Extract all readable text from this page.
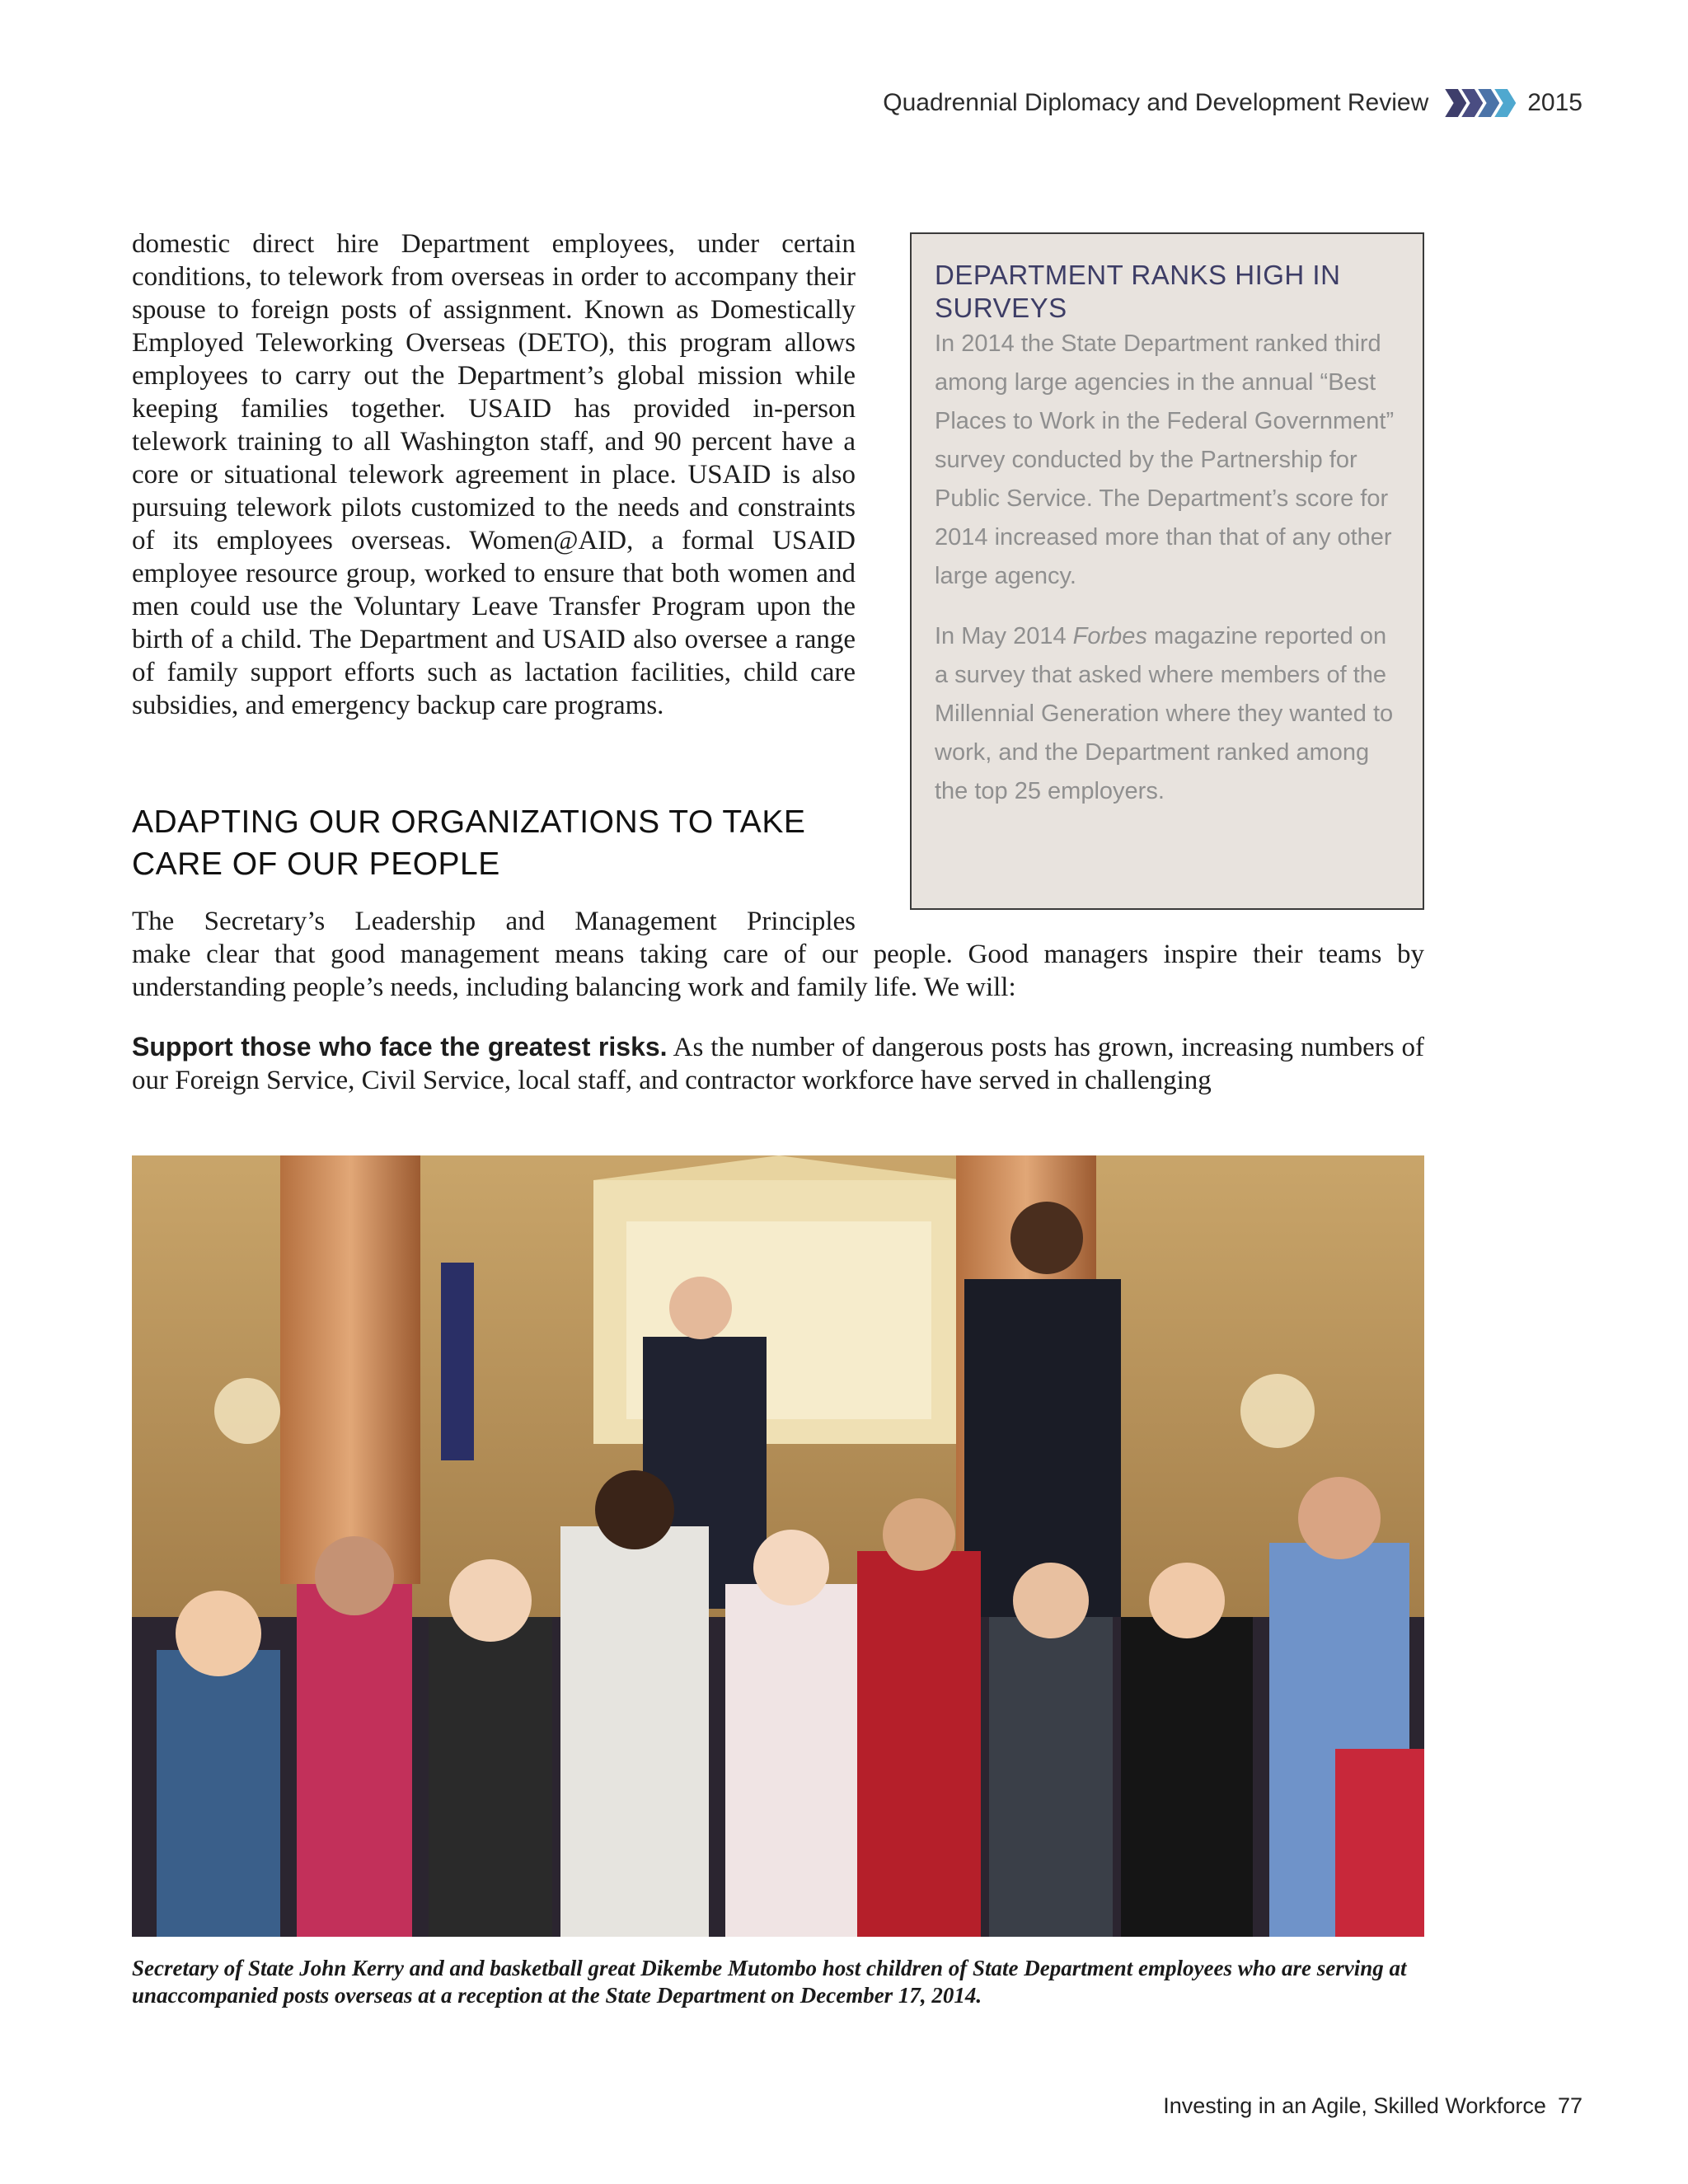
Quadrennial Diplomacy and Development Review	2015

domestic direct hire Department employees, under certain conditions, to telework from overseas in order to accompany their spouse to foreign posts of assignment. Known as Domestically Employed Teleworking Overseas (DETO), this program allows employees to carry out the Department’s global mission while keeping families together. USAID has provided in-person telework training to all Washington staff, and 90 percent have a core or situational telework agreement in place. USAID is also pursuing telework pilots customized to the needs and constraints of its employees overseas. Women@AID, a formal USAID employee resource group, worked to ensure that both women and men could use the Voluntary Leave Transfer Program upon the birth of a child. The Department and USAID also oversee a range of family support efforts such as lactation facilities, child care subsidies, and emergency backup care programs.

DEPARTMENT RANKS HIGH IN SURVEYS

In 2014 the State Department ranked third among large agencies in the annual “Best Places to Work in the Federal Government” survey conducted by the Partnership for Public Service. The Department’s score for 2014 increased more than that of any other large agency.

In May 2014 Forbes magazine reported on a survey that asked where members of the Millennial Generation where they wanted to work, and the Department ranked among the top 25 employers.

ADAPTING OUR ORGANIZATIONS TO TAKE CARE OF OUR PEOPLE

The Secretary’s Leadership and Management Principles

make clear that good management means taking care of our people. Good managers inspire their teams by understanding people’s needs, including balancing work and family life. We will:

Support those who face the greatest risks. As the number of dangerous posts has grown, increasing numbers of our Foreign Service, Civil Service, local staff, and contractor workforce have served in challenging

Secretary of State John Kerry and and basketball great Dikembe Mutombo host children of State Department employees who are serving at unaccompanied posts overseas at a reception at the State Department on December 17, 2014.

Investing in an Agile, Skilled Workforce 77
